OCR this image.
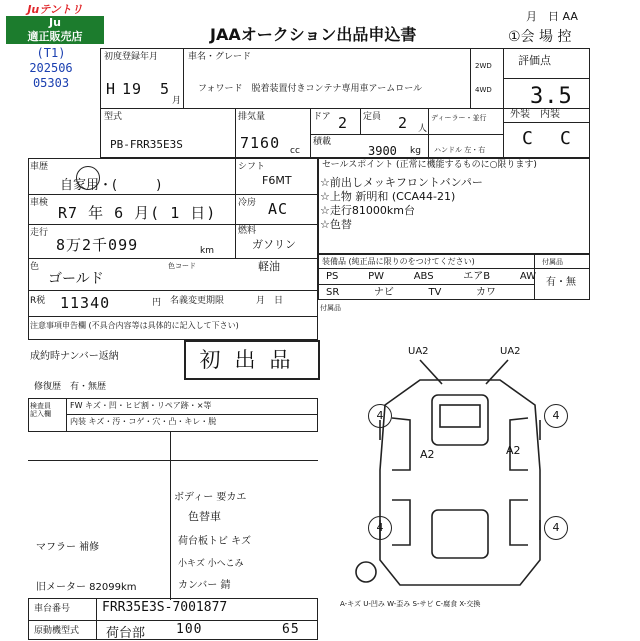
Juテントリ
Ju
適正販売店
(T1)
202506
05303
JAAオークション出品申込書
月　日 AA
①会 場 控
初度登録年月
H 19 5
月
車名・グレード
フォワード　脱着装置付きコンテナ専用車アームロール
2WD
4WD
評価点
3.5
型式
PB-FRR35E3S
排気量
7160 cc
ドア 2 定員 2 人
ディーラー・並行
積載
3900 kg ハンドル 左・右
外装　内装
C C
車歴
自家用・(　　　)
シフト
F6MT
車検
R7 年 6 月( 1 日)
冷房 AC
走行
8万2千099	km
燃料
ガソリン
軽油
色
ゴールド
色コード
R税 11340	円 名義変更期限	月　日
注意事項申告欄 (不具合内容等は具体的に記入して下さい)
成約時ナンバー返納	初出品
修復歴　有・無歴
検査員
記入欄
FW キズ・凹・ヒビ割・リペア跡・×等
内装 キズ・汚・コゲ・穴・凸・キレ・脱
ボディー 要カエ
色替車
荷台板トビ キズ
マフラー 補修
小キズ 小へこみ
旧メーター 82099km	カンバー 錆
セールスポイント (正常に機能するものに○限ります)
☆前出しメッキフロントバンパー
☆上物 新明和 (CCA44-21)
☆走行81000km台
☆色替
装備品 (純正品に限りのをつけてください)	付属品
PS	PW	ABS	エアB	AW
SR	ナビ	TV	カワ
有・無
付属品
UA2	UA2
A2	A2
4	4
4	4
A-キズ U-凹み W-歪み S-サビ C-腐食 X-交換
車台番号 FRR35E3S-7001877
原動機型式 荷台部 100	65
